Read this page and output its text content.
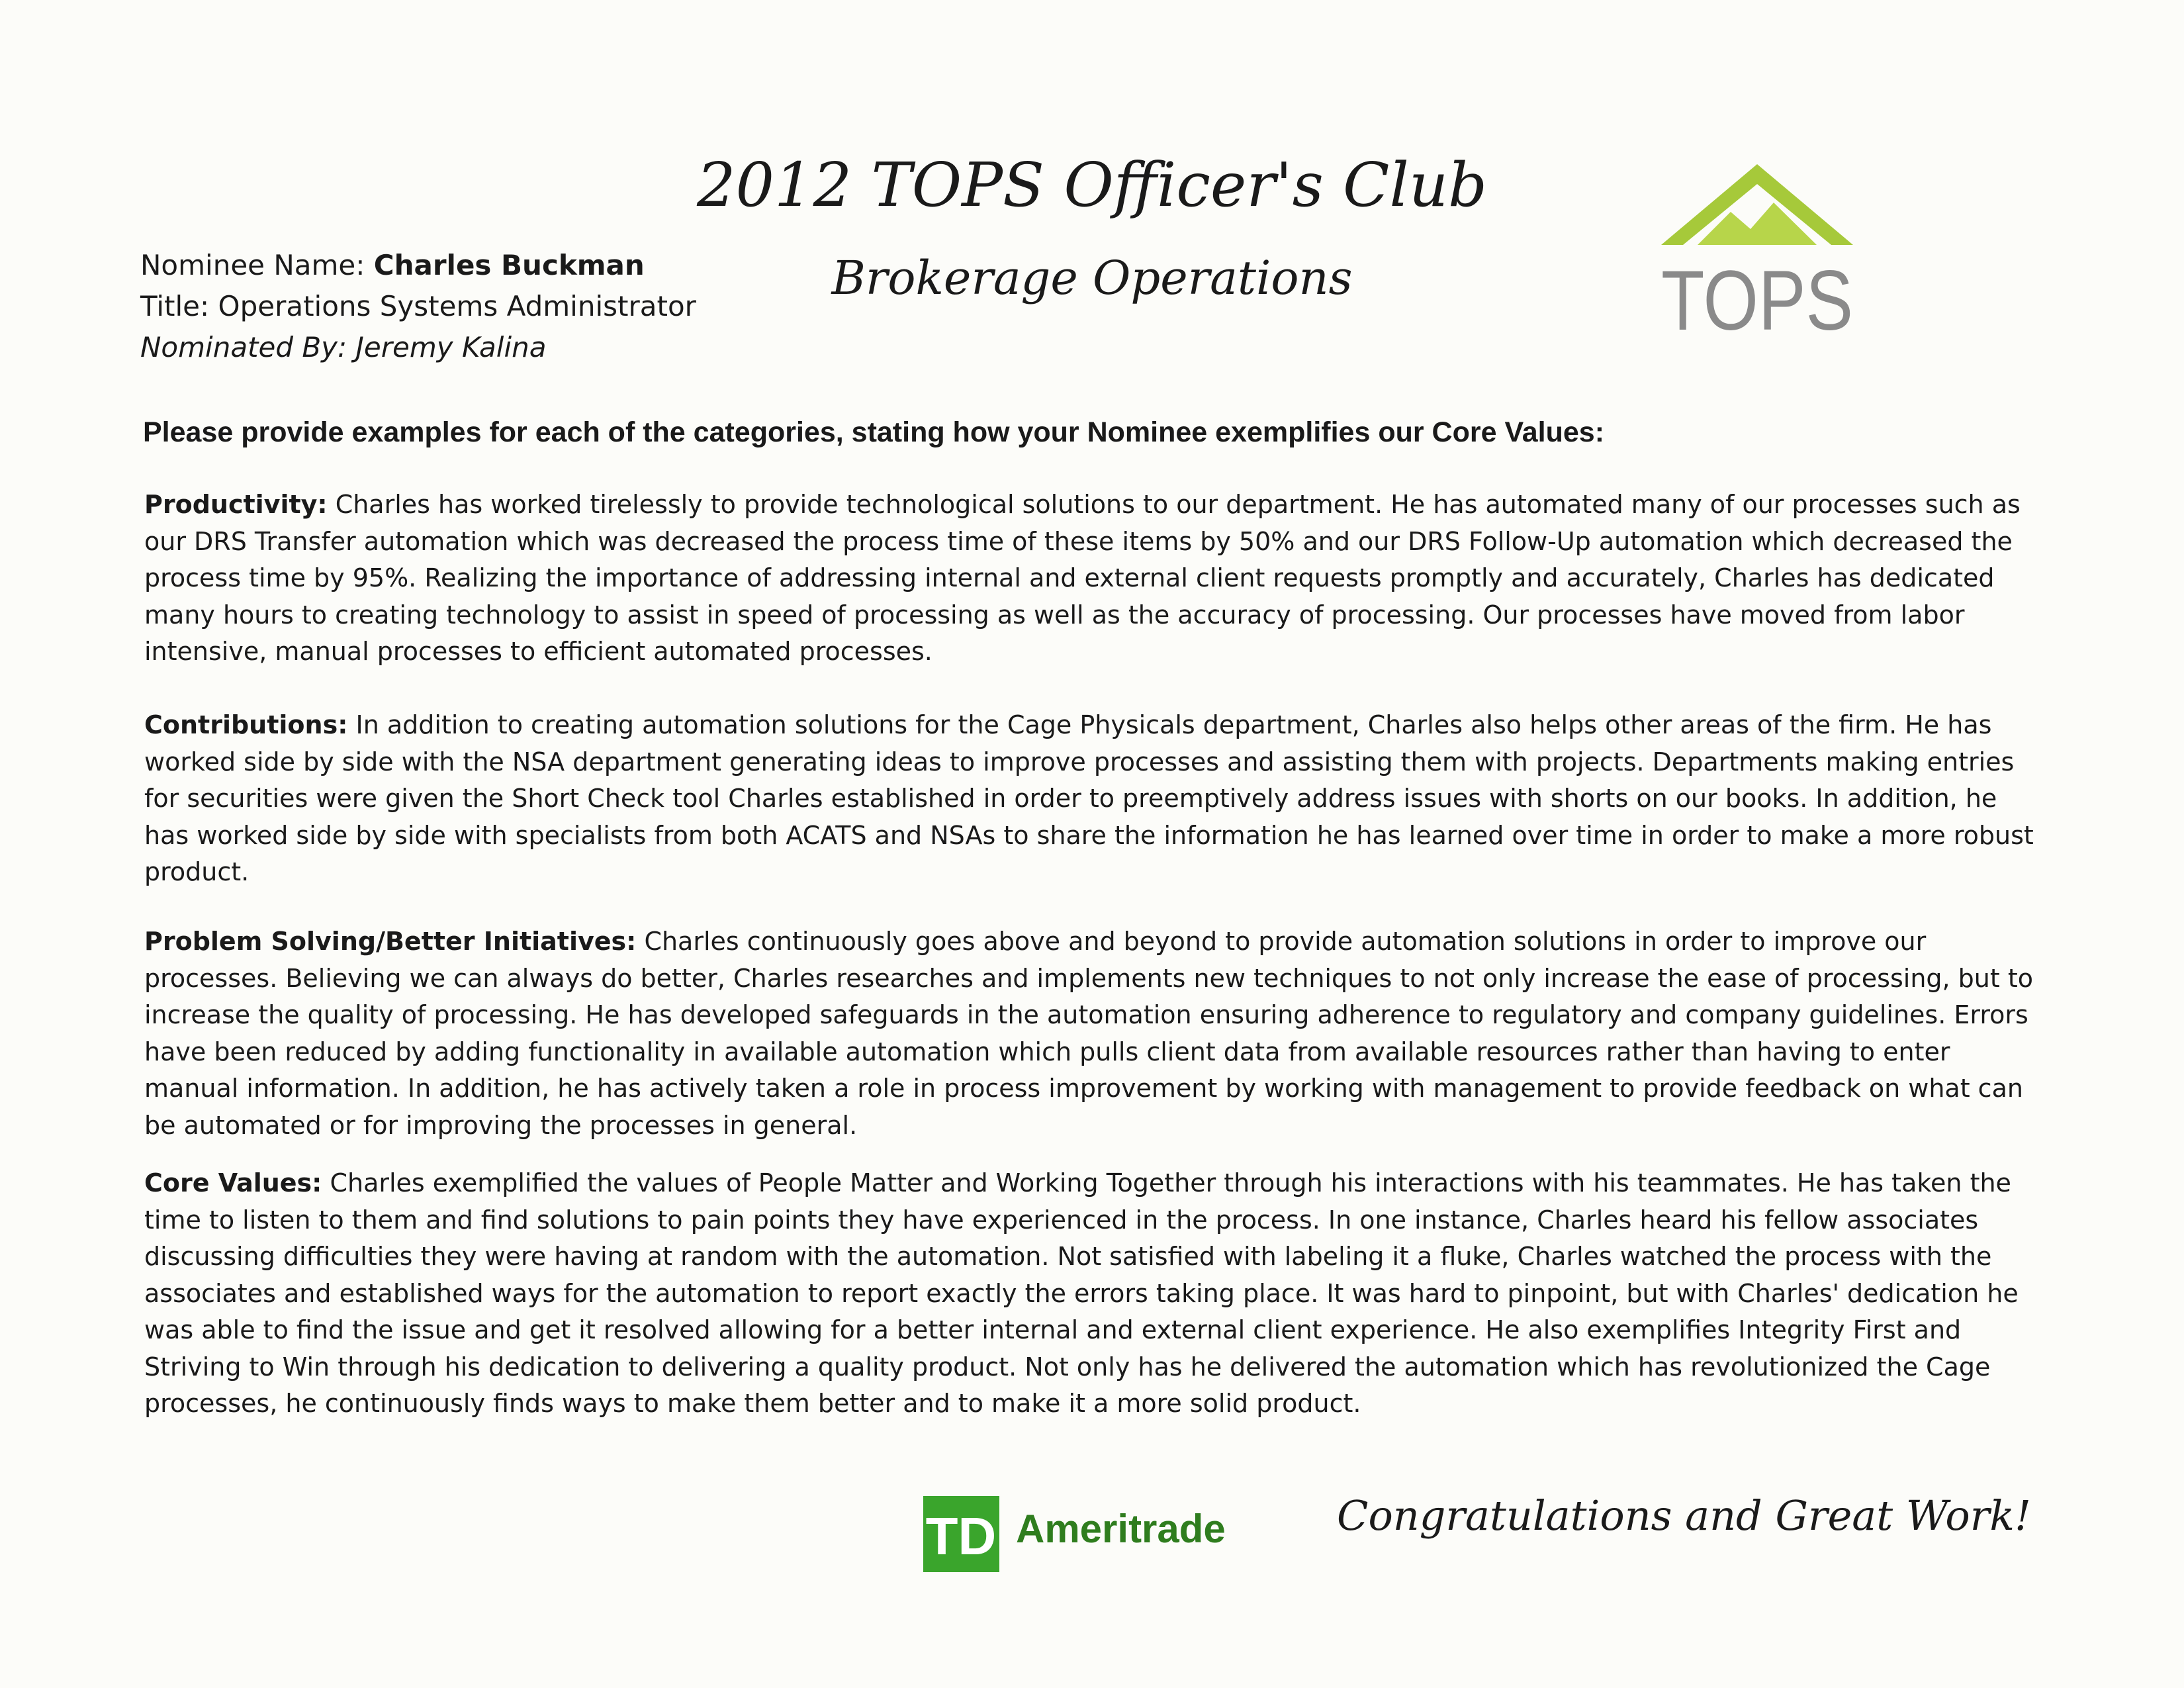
Nominee Name: Charles Buckman
Title: Operations Systems Administrator
Nominated By: Jeremy Kalina
2012 TOPS Officer's Club
Brokerage Operations	TOPS
Please provide examples for each of the categories, stating how your Nominee exemplifies our Core Values:
Productivity: Charles has worked tirelessly to provide technological solutions to our department. He has automated many of our processes such as our DRS Transfer automation which was decreased the process time of these items by 50% and our DRS Follow-Up automation which decreased the process time by 95%. Realizing the importance of addressing internal and external client requests promptly and accurately, Charles has dedicated many hours to creating technology to assist in speed of processing as well as the accuracy of processing. Our processes have moved from labor intensive, manual processes to efficient automated processes.
Contributions: In addition to creating automation solutions for the Cage Physicals department, Charles also helps other areas of the firm. He has worked side by side with the NSA department generating ideas to improve processes and assisting them with projects. Departments making entries for securities were given the Short Check tool Charles established in order to preemptively address issues with shorts on our books. In addition, he has worked side by side with specialists from both ACATS and NSAs to share the information he has learned over time in order to make a more robust product.
Problem Solving/Better Initiatives: Charles continuously goes above and beyond to provide automation solutions in order to improve our processes. Believing we can always do better, Charles researches and implements new techniques to not only increase the ease of processing, but to increase the quality of processing. He has developed safeguards in the automation ensuring adherence to regulatory and company guidelines. Errors have been reduced by adding functionality in available automation which pulls client data from available resources rather than having to enter manual information. In addition, he has actively taken a role in process improvement by working with management to provide feedback on what can be automated or for improving the processes in general.
Core Values: Charles exemplified the values of People Matter and Working Together through his interactions with his teammates. He has taken the time to listen to them and find solutions to pain points they have experienced in the process. In one instance, Charles heard his fellow associates discussing difficulties they were having at random with the automation. Not satisfied with labeling it a fluke, Charles watched the process with the associates and established ways for the automation to report exactly the errors taking place. It was hard to pinpoint, but with Charles' dedication he was able to find the issue and get it resolved allowing for a better internal and external client experience. He also exemplifies Integrity First and Striving to Win through his dedication to delivering a quality product. Not only has he delivered the automation which has revolutionized the Cage processes, he continuously finds ways to make them better and to make it a more solid product.
TD Ameritrade	Congratulations and Great Work!
